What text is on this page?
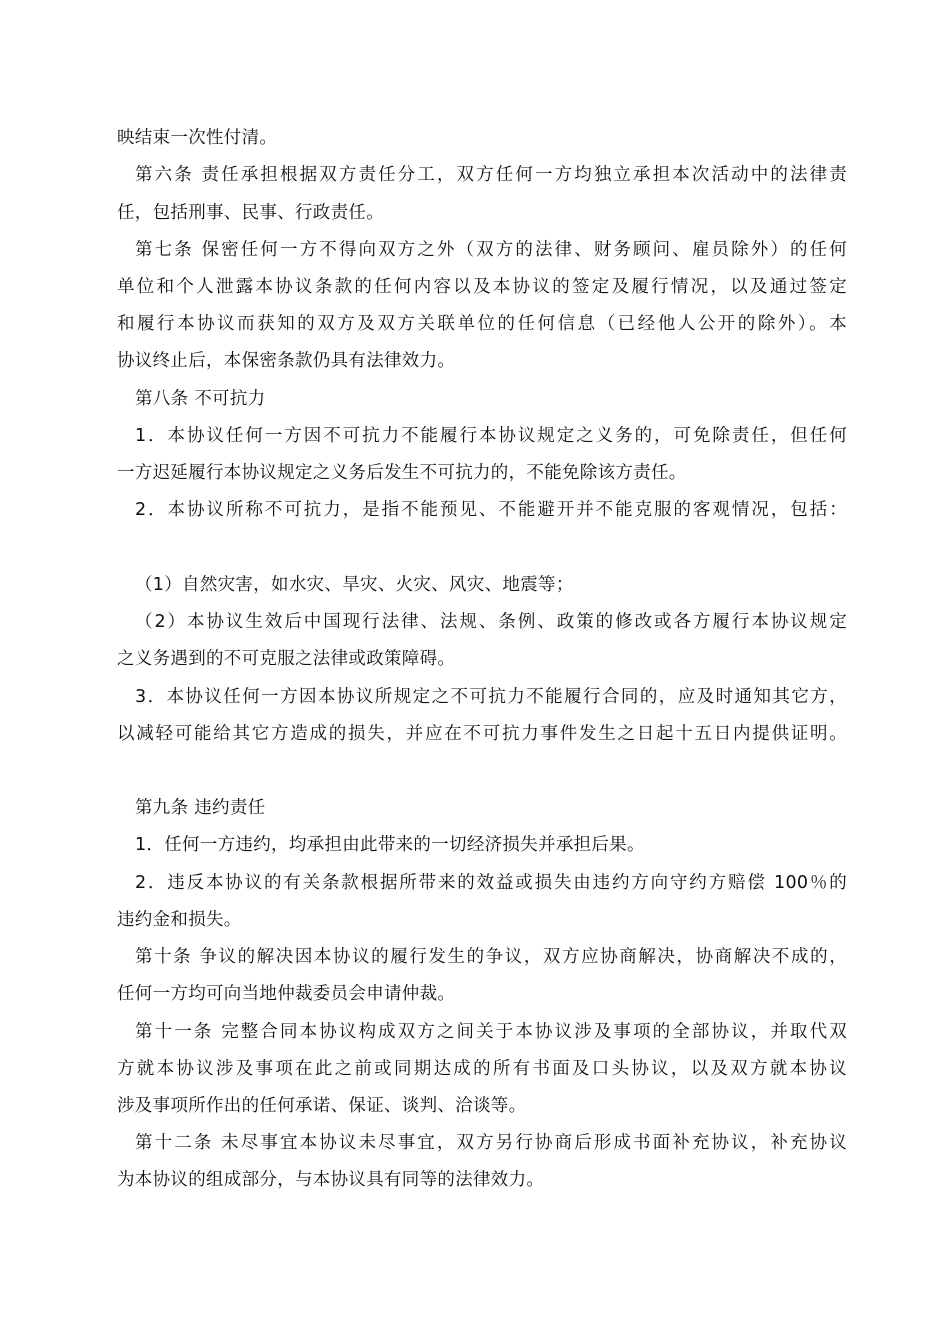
映结束一次性付清。
第六条 责任承担根据双方责任分工，双方任何一方均独立承担本次活动中的法律责
任，包括刑事、民事、行政责任。
第七条 保密任何一方不得向双方之外（双方的法律、财务顾问、雇员除外）的任何
单位和个人泄露本协议条款的任何内容以及本协议的签定及履行情况，以及通过签定
和履行本协议而获知的双方及双方关联单位的任何信息（已经他人公开的除外）。本
协议终止后，本保密条款仍具有法律效力。
第八条 不可抗力
1．本协议任何一方因不可抗力不能履行本协议规定之义务的，可免除责任，但任何
一方迟延履行本协议规定之义务后发生不可抗力的，不能免除该方责任。
2．本协议所称不可抗力，是指不能预见、不能避开并不能克服的客观情况，包括：
（1）自然灾害，如水灾、旱灾、火灾、风灾、地震等；
（2）本协议生效后中国现行法律、法规、条例、政策的修改或各方履行本协议规定
之义务遇到的不可克服之法律或政策障碍。
3．本协议任何一方因本协议所规定之不可抗力不能履行合同的，应及时通知其它方，
以减轻可能给其它方造成的损失，并应在不可抗力事件发生之日起十五日内提供证明。
第九条 违约责任
1．任何一方违约，均承担由此带来的一切经济损失并承担后果。
2．违反本协议的有关条款根据所带来的效益或损失由违约方向守约方赔偿 100％的
违约金和损失。
第十条 争议的解决因本协议的履行发生的争议，双方应协商解决，协商解决不成的，
任何一方均可向当地仲裁委员会申请仲裁。
第十一条 完整合同本协议构成双方之间关于本协议涉及事项的全部协议，并取代双
方就本协议涉及事项在此之前或同期达成的所有书面及口头协议，以及双方就本协议
涉及事项所作出的任何承诺、保证、谈判、洽谈等。
第十二条 未尽事宜本协议未尽事宜，双方另行协商后形成书面补充协议，补充协议
为本协议的组成部分，与本协议具有同等的法律效力。
